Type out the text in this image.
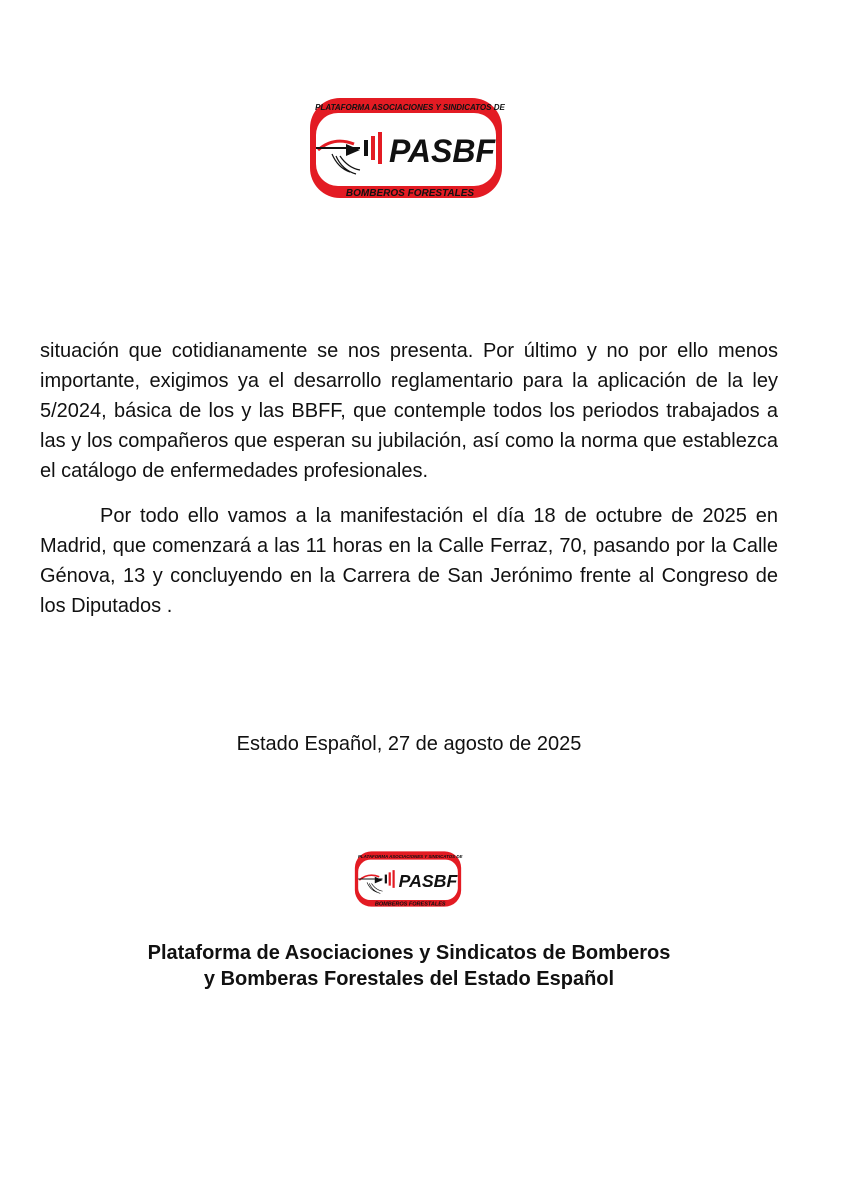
PLATAFORMA ASOCIACIONES Y SINDICATOS DE
BOMBEROS FORESTALES
PASBF

situación que cotidianamente se nos presenta. Por último y no por ello menos importante, exigimos ya el desarrollo reglamentario para la aplicación de la ley 5/2024, básica de los y las BBFF, que contemple todos los periodos trabajados a las y los compañeros que esperan su jubilación, así como la norma que establezca el catálogo de enfermedades profesionales.

Por todo ello vamos a la manifestación el día 18 de octubre de 2025 en Madrid, que comenzará a las 11 horas en la Calle Ferraz, 70, pasando por la Calle Génova, 13 y concluyendo en la Carrera de San Jerónimo frente al Congreso de los Diputados .

Estado Español, 27 de agosto de 2025

PLATAFORMA ASOCIACIONES Y SINDICATOS DE
BOMBEROS FORESTALES
PASBF

Plataforma de Asociaciones y Sindicatos de Bomberos
y Bomberas Forestales del Estado Español
